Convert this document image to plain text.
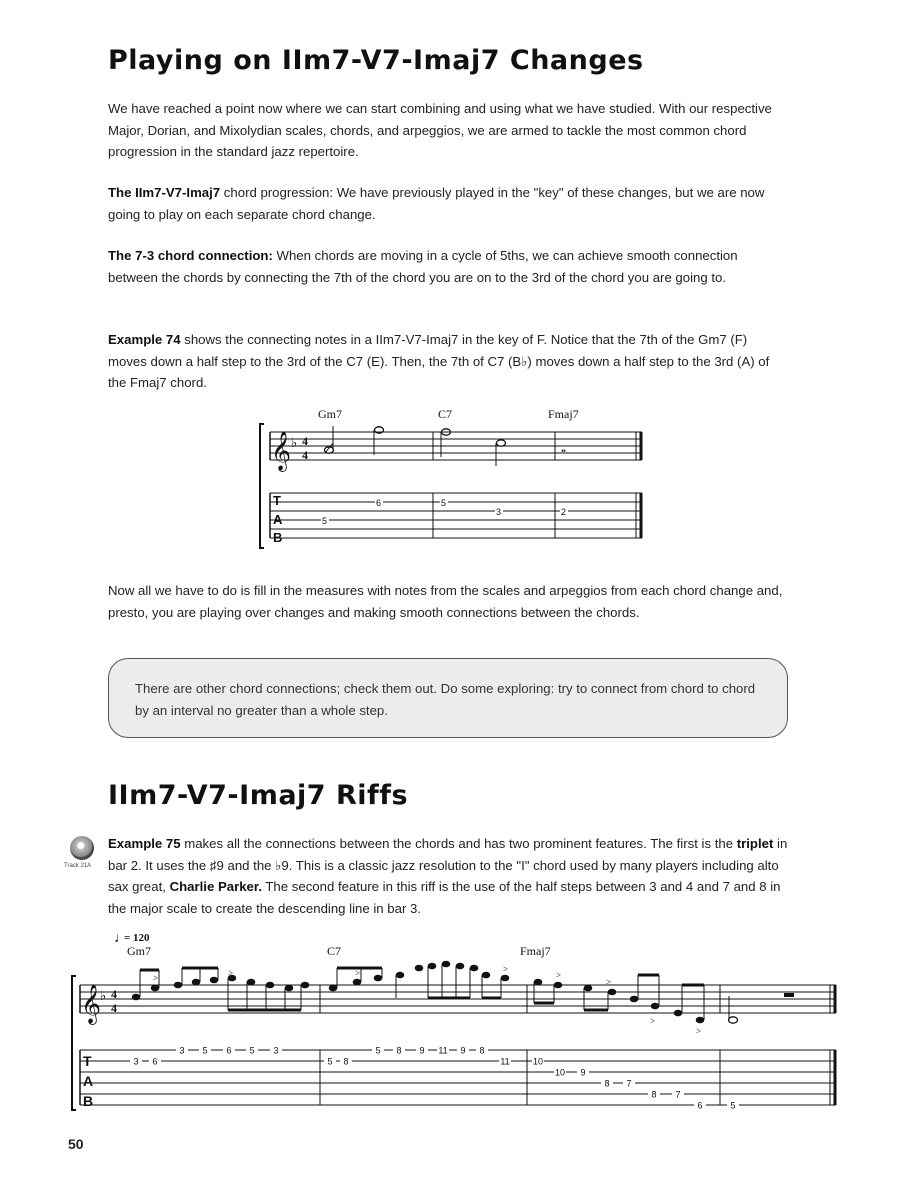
Playing on IIm7-V7-Imaj7 Changes

We have reached a point now where we can start combining and using what we have studied. With our respective Major, Dorian, and Mixolydian scales, chords, and arpeggios, we are armed to tackle the most common chord progression in the standard jazz repertoire.

The IIm7-V7-Imaj7 chord progression: We have previously played in the "key" of these changes, but we are now going to play on each separate chord change.

The 7-3 chord connection: When chords are moving in a cycle of 5ths, we can achieve smooth connection between the chords by connecting the 7th of the chord you are on to the 3rd of the chord you are going to.

Example 74 shows the connecting notes in a IIm7-V7-Imaj7 in the key of F. Notice that the 7th of the Gm7 (F) moves down a half step to the 3rd of the C7 (E). Then, the 7th of C7 (B♭) moves down a half step to the 3rd (A) of the Fmaj7 chord.

𝄞 ♭ 4
4	𝅝
Gm7	C7	Fmaj7
T
A
B
5
6	5
3	2

Now all we have to do is fill in the measures with notes from the scales and arpeggios from each chord change and, presto, you are playing over changes and making smooth connections between the chords.

There are other chord connections; check them out. Do some exploring: try to connect from chord to chord by an interval no greater than a whole step.
IIm7-V7-Imaj7 Riffs
Track 21A

Example 75 makes all the connections between the chords and has two prominent features. The first is the triplet in bar 2. It uses the ♯9 and the ♭9. This is a classic jazz resolution to the "I" chord used by many players including alto sax great, Charlie Parker. The second feature in this riff is the use of the half steps between 3 and 4 and 7 and 8 in the major scale to create the descending line in bar 3.

♩
= 120
Gm7	C7	Fmaj7
𝄞
♭ 4
4
>	>	>	>
>
>
>
>
T
A
B
3 6
3 5 6 5 3
5 8
5 8 9 11 9 8
11	10
10 9
8 7
8 7
6	5
50
